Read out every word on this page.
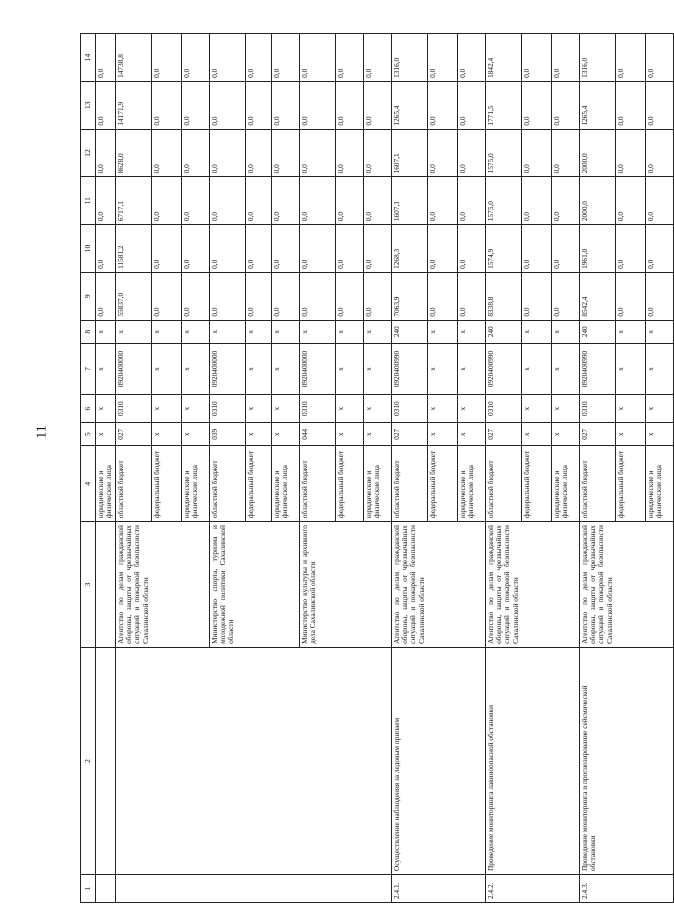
11
1	2	3	4	5	6	7	8	9	10	11	12	13	14
			юридические и физические лица	x	x	x	x	0,0	0,0	0,0	0,0	0,0	0,0
		Агентство по делам гражданской обороны, защиты от чрезвычайных ситуаций и пожарной безопасности Сахалинской области	областной бюджет	027	0310	0920400000	x	55837,0	11581,2	6717,1	8628,0	14171,9	14738,8
			федеральный бюджет	x	x	x	x	0,0	0,0	0,0	0,0	0,0	0,0
			юридические и физические лица	x	x	x	x	0,0	0,0	0,0	0,0	0,0	0,0
		Министерство спорта, туризма и молодежной политики Сахалинской области	областной бюджет	039	0310	0920400000	x	0,0	0,0	0,0	0,0	0,0	0,0
			федеральный бюджет	x	x	x	x	0,0	0,0	0,0	0,0	0,0	0,0
			юридические и физические лица	x	x	x	x	0,0	0,0	0,0	0,0	0,0	0,0
		Министерство культуры и архивного дела Сахалинской области	областной бюджет	044	0310	0920400000	x	0,0	0,0	0,0	0,0	0,0	0,0
			федеральный бюджет	x	x	x	x	0,0	0,0	0,0	0,0	0,0	0,0
			юридические и физические лица	x	x	x	x	0,0	0,0	0,0	0,0	0,0	0,0
2.4.1.	Осуществление наблюдения за ледовым припаем	Агентство по делам гражданской обороны, защиты от чрезвычайных ситуаций и пожарной безопасности Сахалинской области	областной бюджет	027	0310	0920400990	240	7063,9	1268,3	1607,1	1607,1	1265,4	1316,0
			федеральный бюджет	x	x	x	x	0,0	0,0	0,0	0,0	0,0	0,0
			юридические и физические лица	x	x	x	x	0,0	0,0	0,0	0,0	0,0	0,0
2.4.2.	Проведение мониторинга лавиноопасной обстановки	Агентство по делам гражданской обороны, защиты от чрезвычайных ситуаций и пожарной безопасности Сахалинской области	областной бюджет	027	0310	0920400990	240	8338,8	1574,9	1575,0	1575,0	1771,5	1842,4
			федеральный бюджет	x	x	x	x	0,0	0,0	0,0	0,0	0,0	0,0
			юридические и физические лица	x	x	x	x	0,0	0,0	0,0	0,0	0,0	0,0
2.4.3.	Проведение мониторинга и прогнозирование сейсмической обстановки	Агентство по делам гражданской обороны, защиты от чрезвычайных ситуаций и пожарной безопасности Сахалинской области	областной бюджет	027	0310	0920400990	240	8542,4	1961,0	2000,0	2000,0	1265,4	1316,0
			федеральный бюджет	x	x	x	x	0,0	0,0	0,0	0,0	0,0	0,0
			юридические и физические лица	x	x	x	x	0,0	0,0	0,0	0,0	0,0	0,0
